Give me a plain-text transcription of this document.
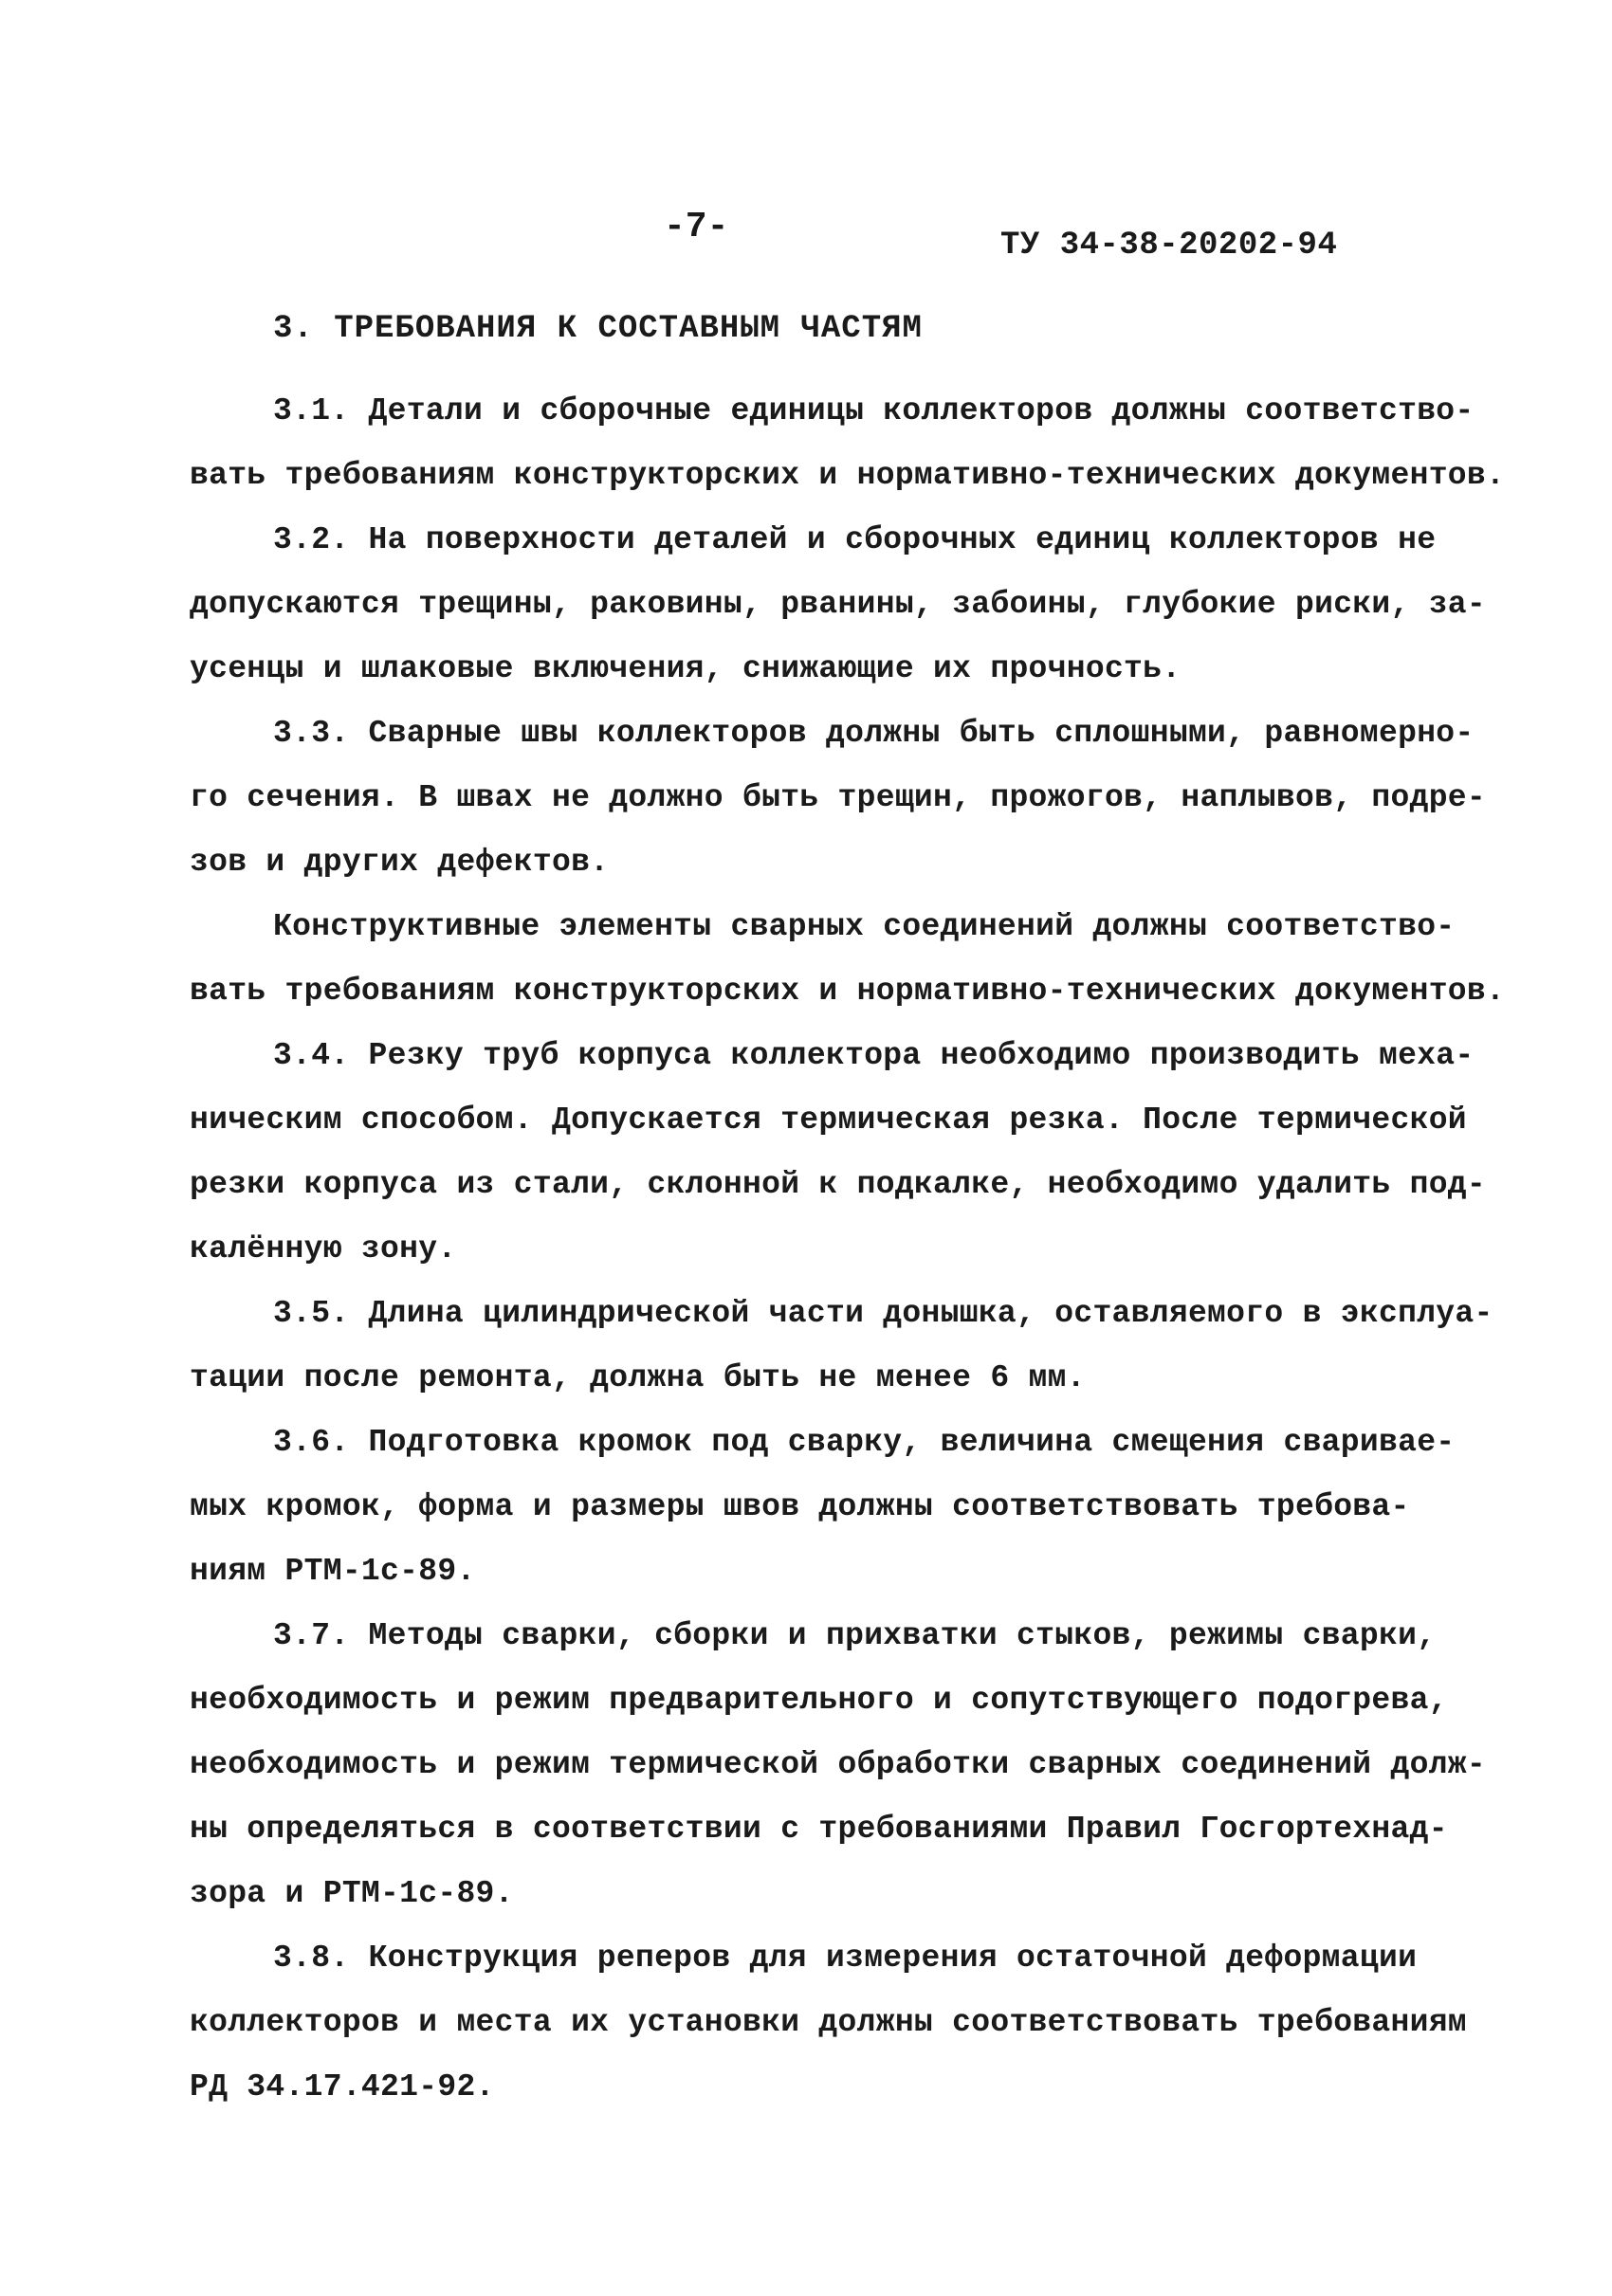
-7-	ТУ 34-38-20202-94
3. ТРЕБОВАНИЯ К СОСТАВНЫМ ЧАСТЯМ
3.1. Детали и сборочные единицы коллекторов должны соответство-
вать требованиям конструкторских и нормативно-технических документов.
3.2. На поверхности деталей и сборочных единиц коллекторов не
допускаются трещины, раковины, рванины, забоины, глубокие риски, за-
усенцы и шлаковые включения, снижающие их прочность.
3.3. Сварные швы коллекторов должны быть сплошными, равномерно-
го сечения. В швах не должно быть трещин, прожогов, наплывов, подре-
зов и других дефектов.
Конструктивные элементы сварных соединений должны соответство-
вать требованиям конструкторских и нормативно-технических документов.
3.4. Резку труб корпуса коллектора необходимо производить меха-
ническим способом. Допускается термическая резка. После термической
резки корпуса из стали, склонной к подкалке, необходимо удалить под-
калённую зону.
3.5. Длина цилиндрической части донышка, оставляемого в эксплуа-
тации после ремонта, должна быть не менее 6 мм.
3.6. Подготовка кромок под сварку, величина смещения свариваe-
мых кромок, форма и размеры швов должны соответствовать требова-
ниям РТМ-1с-89.
3.7. Методы сварки, сборки и прихватки стыков, режимы сварки,
необходимость и режим предварительного и сопутствующего подогрева,
необходимость и режим термической обработки сварных соединений долж-
ны определяться в соответствии с требованиями Правил Госгортехнад-
зора и РТМ-1с-89.
3.8. Конструкция реперов для измерения остаточной деформации
коллекторов и места их установки должны соответствовать требованиям
РД 34.17.421-92.
